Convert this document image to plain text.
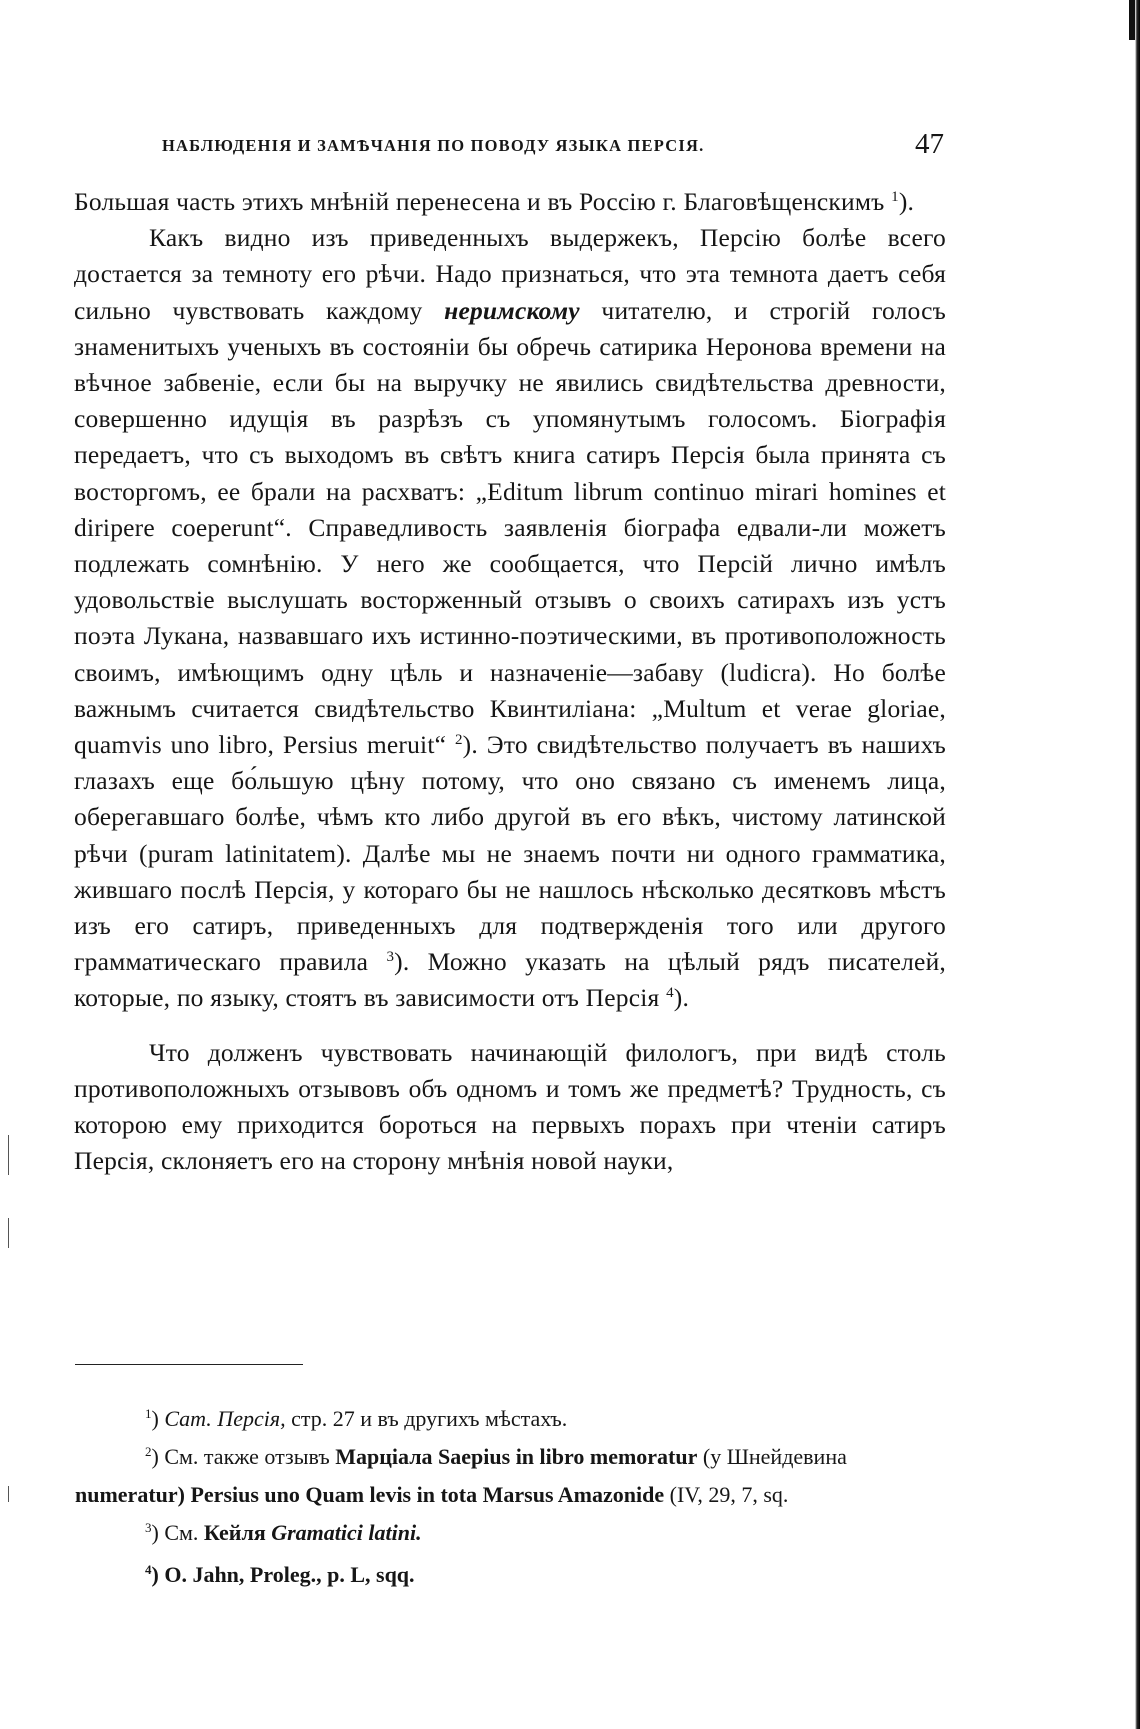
НАБЛЮДЕНІЯ И ЗАМѢЧАНІЯ ПО ПОВОДУ ЯЗЫКА ПЕРСІЯ.	47

Большая часть этихъ мнѣній перенесена и въ Россію г. Благовѣщенскимъ $^1$).

Какъ видно изъ приведенныхъ выдержекъ, Персію болѣе всего достается за темноту его рѣчи. Надо признаться, что эта темнота даетъ себя сильно чувствовать каждому неримскому читателю, и строгій голосъ знаменитыхъ ученыхъ въ состояніи бы обречь сатирика Неронова времени на вѣчное забвеніе, если бы на выручку не явились свидѣтельства древности, совершенно идущія въ разрѣзъ съ упомянутымъ голосомъ. Біографія передаетъ, что съ выходомъ въ свѣтъ книга сатиръ Персія была принята съ восторгомъ, ее брали на расхватъ: „Editum librum continuo mirari homines et diripere coeperunt“. Справедливость заявленія біографа едвали-ли можетъ подлежать сомнѣнію. У него же сообщается, что Персій лично имѣлъ удовольствіе выслушать восторженный отзывъ о своихъ сатирахъ изъ устъ поэта Лукана, назвавшаго ихъ истинно-поэтическими, въ противоположность своимъ, имѣющимъ одну цѣль и назначеніе—забаву (ludicra). Но болѣе важнымъ считается свидѣтельство Квинтиліана: „Multum et verae gloriae, quamvis uno libro, Persius meruit“ $^2$). Это свидѣтельство получаетъ въ нашихъ глазахъ еще бо́льшую цѣну потому, что оно связано съ именемъ лица, оберегавшаго болѣе, чѣмъ кто либо другой въ его вѣкъ, чистому латинской рѣчи (puram latinitatem). Далѣе мы не знаемъ почти ни одного грамматика, жившаго послѣ Персія, у котораго бы не нашлось нѣсколько десятковъ мѣстъ изъ его сатиръ, приведенныхъ для подтвержденія того или другого грамматическаго правила $^3$). Можно указать на цѣлый рядъ писателей, которые, по языку, стоятъ въ зависимости отъ Персія $^4$).

Что долженъ чувствовать начинающій филологъ, при видѣ столь противоположныхъ отзывовъ объ одномъ и томъ же предметѣ? Трудность, съ которою ему приходится бороться на первыхъ порахъ при чтеніи сатиръ Персія, склоняетъ его на сторону мнѣнія новой науки,

$^1$) Сат. Персія, стр. 27 и въ другихъ мѣстахъ.

$^2$) См. также отзывъ Марціала Saepius in libro memoratur (у Шнейдевина numeratur) Persius uno Quam levis in tota Marsus Amazonide (IV, 29, 7, sq.

$^3$) См. Кейля Gramatici latini.

$^4$) O. Jahn, Proleg., p. L, sqq.
